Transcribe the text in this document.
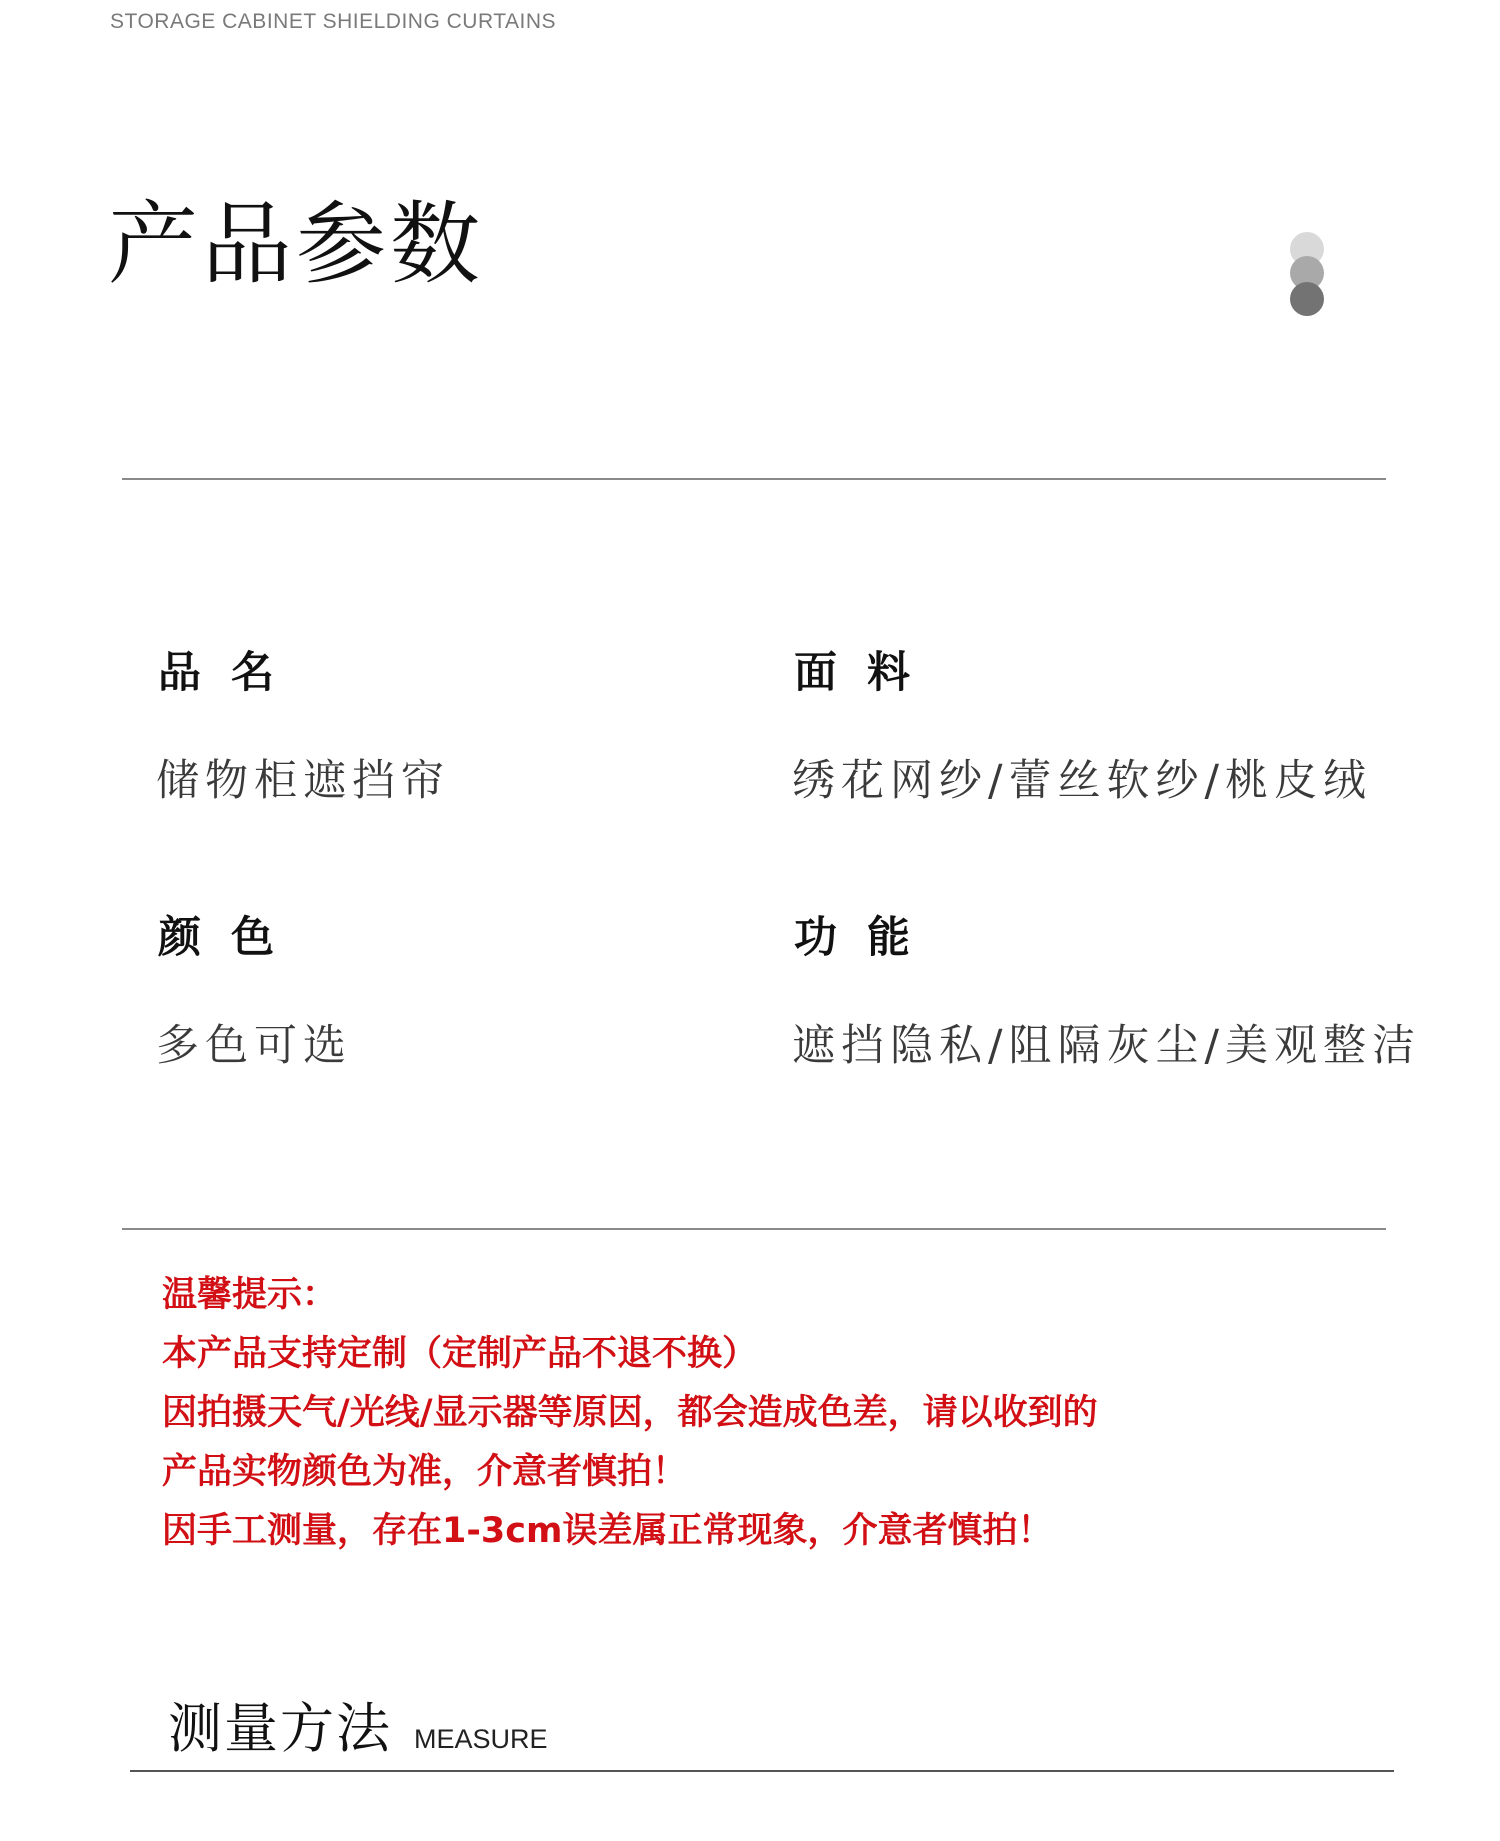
STORAGE CABINET SHIELDING CURTAINS
产品参数
品名
储物柜遮挡帘
面料
绣花网纱/蕾丝软纱/桃皮绒
颜色
多色可选
功能
遮挡隐私/阻隔灰尘/美观整洁
温馨提示：
本产品支持定制（定制产品不退不换）
因拍摄天气/光线/显示器等原因，都会造成色差，请以收到的
产品实物颜色为准，介意者慎拍！
因手工测量，存在1-3cm误差属正常现象，介意者慎拍！
测量方法 MEASURE
